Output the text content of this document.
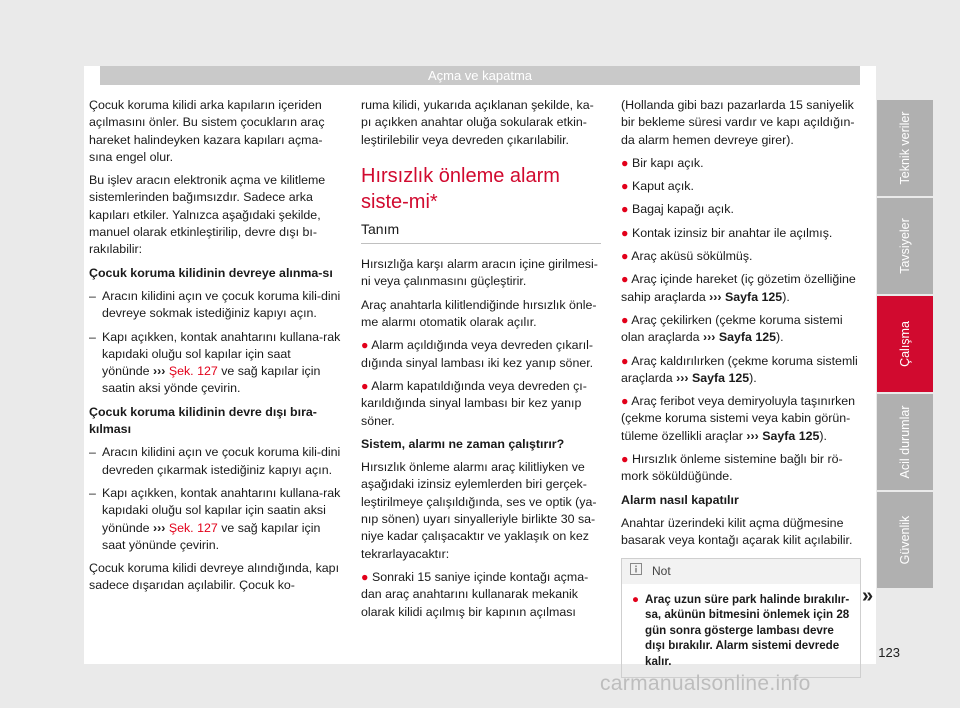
Açma ve kapatma

Çocuk koruma kilidi arka kapıların içeriden açılmasını önler. Bu sistem çocukların araç hareket halindeyken kazara kapıları açma-sına engel olur.

Bu işlev aracın elektronik açma ve kilitleme sistemlerinden bağımsızdır. Sadece arka kapıları etkiler. Yalnızca aşağıdaki şekilde, manuel olarak etkinleştirilip, devre dışı bı-rakılabilir:

Çocuk koruma kilidinin devreye alınma-sı

– Aracın kilidini açın ve çocuk koruma kili-dini devreye sokmak istediğiniz kapıyı açın.
– Kapı açıkken, kontak anahtarını kullana-rak kapıdaki oluğu sol kapılar için saat yönünde ››› Şek. 127 ve sağ kapılar için saatin aksi yönde çevirin.

Çocuk koruma kilidinin devre dışı bıra-kılması

– Aracın kilidini açın ve çocuk koruma kili-dini devreden çıkarmak istediğiniz kapıyı açın.
– Kapı açıkken, kontak anahtarını kullana-rak kapıdaki oluğu sol kapılar için saatin aksi yönünde ››› Şek. 127 ve sağ kapılar için saat yönünde çevirin.

Çocuk koruma kilidi devreye alındığında, kapı sadece dışarıdan açılabilir. Çocuk ko-

ruma kilidi, yukarıda açıklanan şekilde, ka-pı açıkken anahtar oluğa sokularak etkin-leştirilebilir veya devreden çıkarılabilir.

Hırsızlık önleme alarm siste-mi*
Tanım

Hırsızlığa karşı alarm aracın içine girilmesi-ni veya çalınmasını güçleştirir.

Araç anahtarla kilitlendiğinde hırsızlık önle-me alarmı otomatik olarak açılır.

● Alarm açıldığında veya devreden çıkarıl-dığında sinyal lambası iki kez yanıp söner.
● Alarm kapatıldığında veya devreden çı-karıldığında sinyal lambası bir kez yanıp söner.

Sistem, alarmı ne zaman çalıştırır?

Hırsızlık önleme alarmı araç kilitliyken ve aşağıdaki izinsiz eylemlerden biri gerçek-leştirilmeye çalışıldığında, ses ve optik (ya-nıp sönen) uyarı sinyalleriyle birlikte 30 sa-niye kadar çalışacaktır ve yaklaşık on kez tekrarlayacaktır:

● Sonraki 15 saniye içinde kontağı açma-dan araç anahtarını kullanarak mekanik olarak kilidi açılmış bir kapının açılması

(Hollanda gibi bazı pazarlarda 15 saniyelik bir bekleme süresi vardır ve kapı açıldığın-da alarm hemen devreye girer).

● Bir kapı açık.
● Kaput açık.
● Bagaj kapağı açık.
● Kontak izinsiz bir anahtar ile açılmış.
● Araç aküsü sökülmüş.
● Araç içinde hareket (iç gözetim özelliğine sahip araçlarda ››› Sayfa 125).
● Araç çekilirken (çekme koruma sistemi olan araçlarda ››› Sayfa 125).
● Araç kaldırılırken (çekme koruma sistemli araçlarda ››› Sayfa 125).
● Araç feribot veya demiryoluyla taşınırken (çekme koruma sistemi veya kabin görün-tüleme özellikli araçlar ››› Sayfa 125).
● Hırsızlık önleme sistemine bağlı bir rö-mork söküldüğünde.

Alarm nasıl kapatılır

Anahtar üzerindeki kilit açma düğmesine basarak veya kontağı açarak kilit açılabilir.

Not
● Araç uzun süre park halinde bırakılır-sa, akünün bitmesini önlemek için 28 gün sonra gösterge lambası devre dışı bırakılır. Alarm sistemi devrede kalır.
»
Teknik veriler
Tavsiyeler
Çalışma
Acil durumlar
Güvenlik
123
carmanualsonline.info
